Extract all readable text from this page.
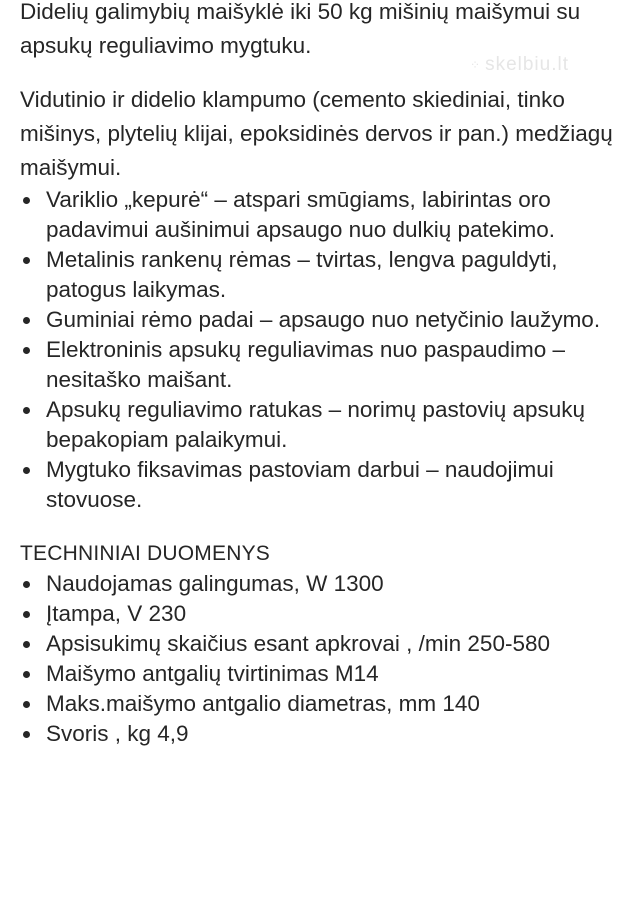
Didelių galimybių maišyklė iki 50 kg mišinių maišymui su apsukų reguliavimo mygtuku.

Vidutinio ir didelio klampumo (cemento skiediniai, tinko mišinys, plytelių klijai, epoksidinės dervos ir pan.) medžiagų maišymui.

Variklio „kepurė“ – atspari smūgiams, labirintas oro padavimui aušinimui apsaugo nuo dulkių patekimo.
Metalinis rankenų rėmas – tvirtas, lengva paguldyti, patogus laikymas.
Guminiai rėmo padai – apsaugo nuo netyčinio laužymo.
Elektroninis apsukų reguliavimas nuo paspaudimo – nesitaško maišant.
Apsukų reguliavimo ratukas – norimų pastovių apsukų bepakopiam palaikymui.
Mygtuko fiksavimas pastoviam darbui – naudojimui stovuose.
TECHNINIAI DUOMENYS
Naudojamas galingumas, W 1300
Įtampa, V 230
Apsisukimų skaičius esant apkrovai , /min 250-580
Maišymo antgalių tvirtinimas M14
Maks.maišymo antgalio diametras, mm 140
Svoris , kg 4,9
⁘ skelbiu.lt
